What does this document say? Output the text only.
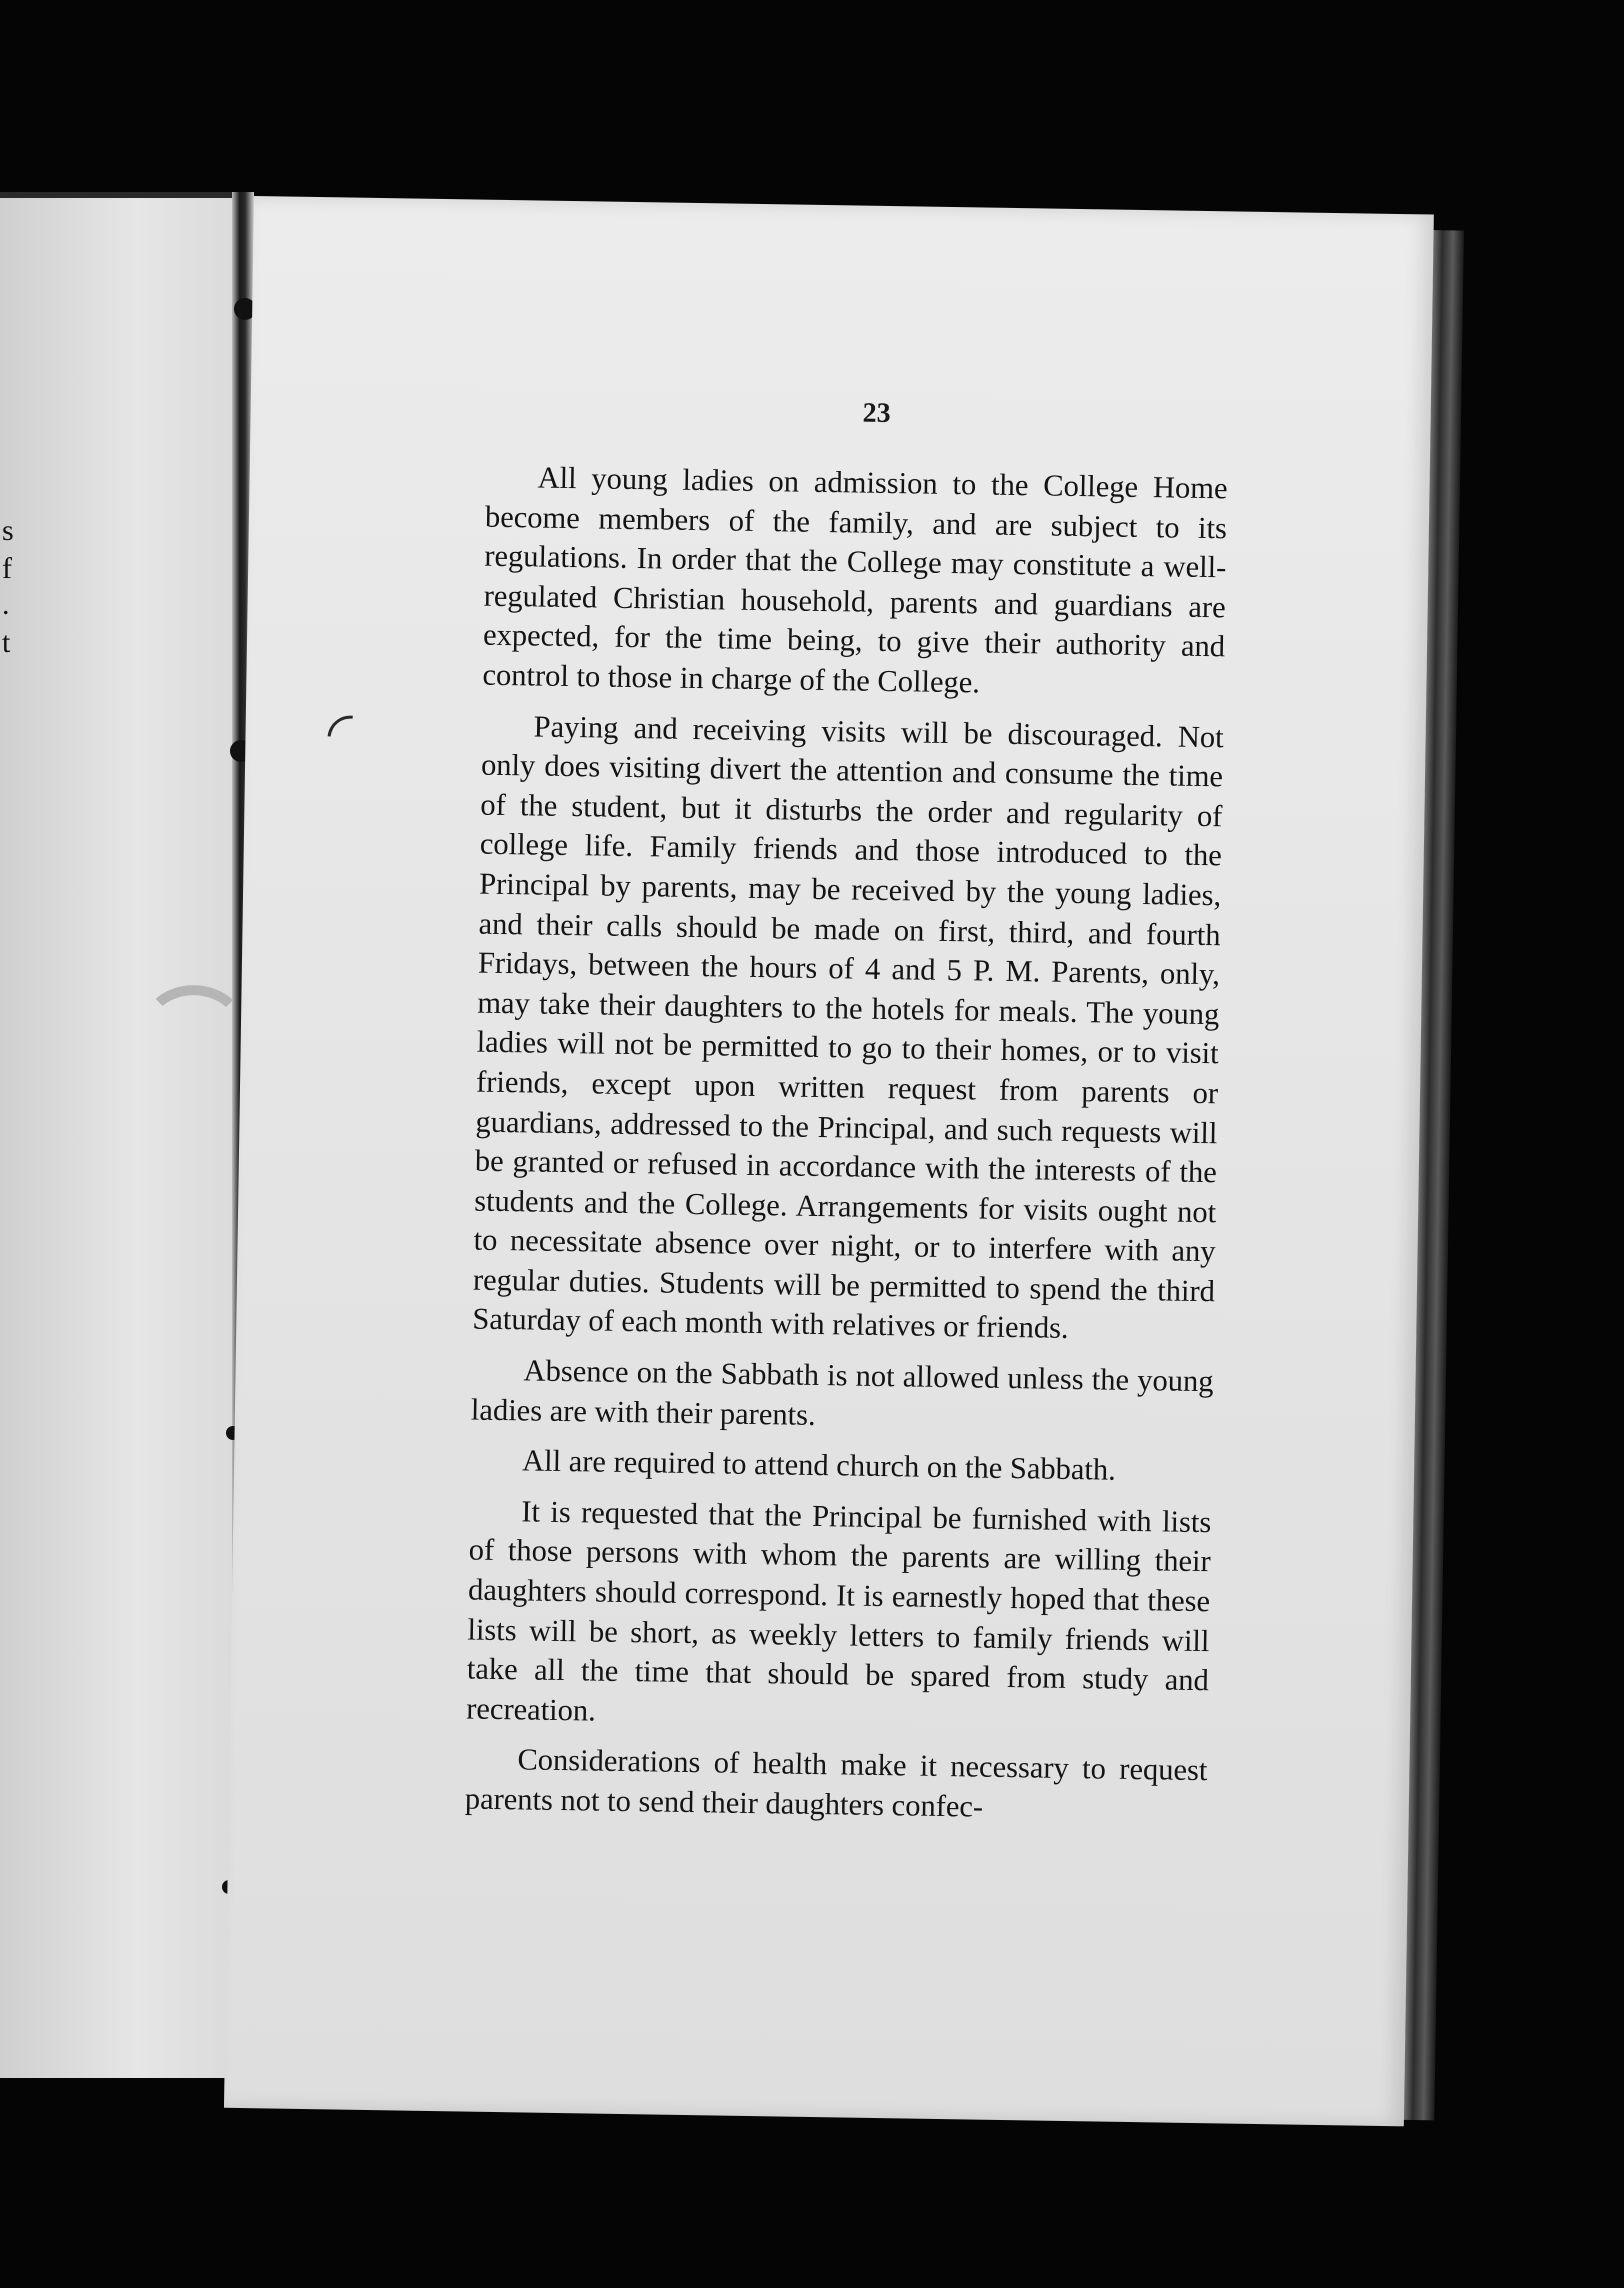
s
f
.
t
23

All young ladies on admission to the College Home become members of the family, and are subject to its regulations. In order that the College may constitute a well-regulated Christian household, parents and guardians are expected, for the time being, to give their authority and control to those in charge of the College.

Paying and receiving visits will be discouraged. Not only does visiting divert the attention and consume the time of the student, but it disturbs the order and regularity of college life. Family friends and those introduced to the Principal by parents, may be received by the young ladies, and their calls should be made on first, third, and fourth Fridays, between the hours of 4 and 5 P. M. Parents, only, may take their daughters to the hotels for meals. The young ladies will not be permitted to go to their homes, or to visit friends, except upon written request from parents or guardians, addressed to the Principal, and such requests will be granted or refused in accordance with the interests of the students and the College. Arrangements for visits ought not to necessitate absence over night, or to interfere with any regular duties. Students will be permitted to spend the third Saturday of each month with relatives or friends.

Absence on the Sabbath is not allowed unless the young ladies are with their parents.

All are required to attend church on the Sabbath.

It is requested that the Principal be furnished with lists of those persons with whom the parents are willing their daughters should correspond. It is earnestly hoped that these lists will be short, as weekly letters to family friends will take all the time that should be spared from study and recreation.

Considerations of health make it necessary to request parents not to send their daughters confec-
